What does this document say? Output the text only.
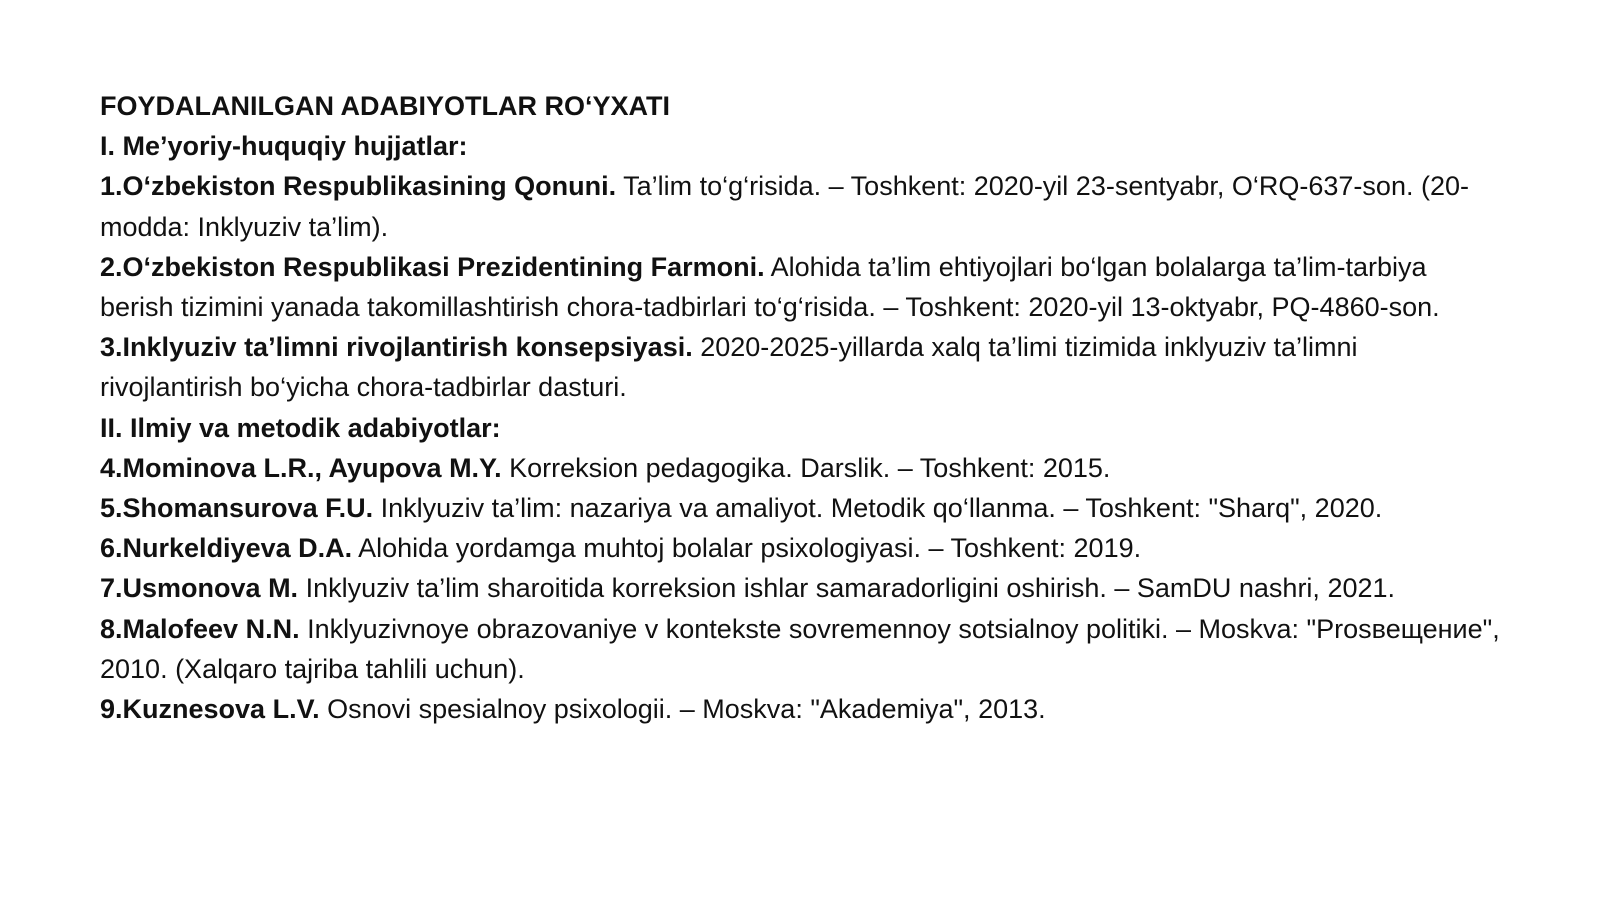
FOYDALANILGAN ADABIYOTLAR RO‘YXATI

I. Me’yoriy-huquqiy hujjatlar:

1.O‘zbekiston Respublikasining Qonuni. Ta’lim to‘g‘risida. – Toshkent: 2020-yil 23-sentyabr, O‘RQ-637-son. (20-modda: Inklyuziv ta’lim).

2.O‘zbekiston Respublikasi Prezidentining Farmoni. Alohida ta’lim ehtiyojlari bo‘lgan bolalarga ta’lim-tarbiya berish tizimini yanada takomillashtirish chora-tadbirlari to‘g‘risida. – Toshkent: 2020-yil 13-oktyabr, PQ-4860-son.

3.Inklyuziv ta’limni rivojlantirish konsepsiyasi. 2020-2025-yillarda xalq ta’limi tizimida inklyuziv ta’limni rivojlantirish bo‘yicha chora-tadbirlar dasturi.

II. Ilmiy va metodik adabiyotlar:

4.Mominova L.R., Ayupova M.Y. Korreksion pedagogika. Darslik. – Toshkent: 2015.

5.Shomansurova F.U. Inklyuziv ta’lim: nazariya va amaliyot. Metodik qo‘llanma. – Toshkent: "Sharq", 2020.

6.Nurkeldiyeva D.A. Alohida yordamga muhtoj bolalar psixologiyasi. – Toshkent: 2019.

7.Usmonova M. Inklyuziv ta’lim sharoitida korreksion ishlar samaradorligini oshirish. – SamDU nashri, 2021.

8.Malofeev N.N. Inklyuzivnoye obrazovaniye v kontekste sovremennoy sotsialnoy politiki. – Moskva: "Prosвещение", 2010. (Xalqaro tajriba tahlili uchun).

9.Kuznesova L.V. Osnovi spesialnoy psixologii. – Moskva: "Akademiya", 2013.
